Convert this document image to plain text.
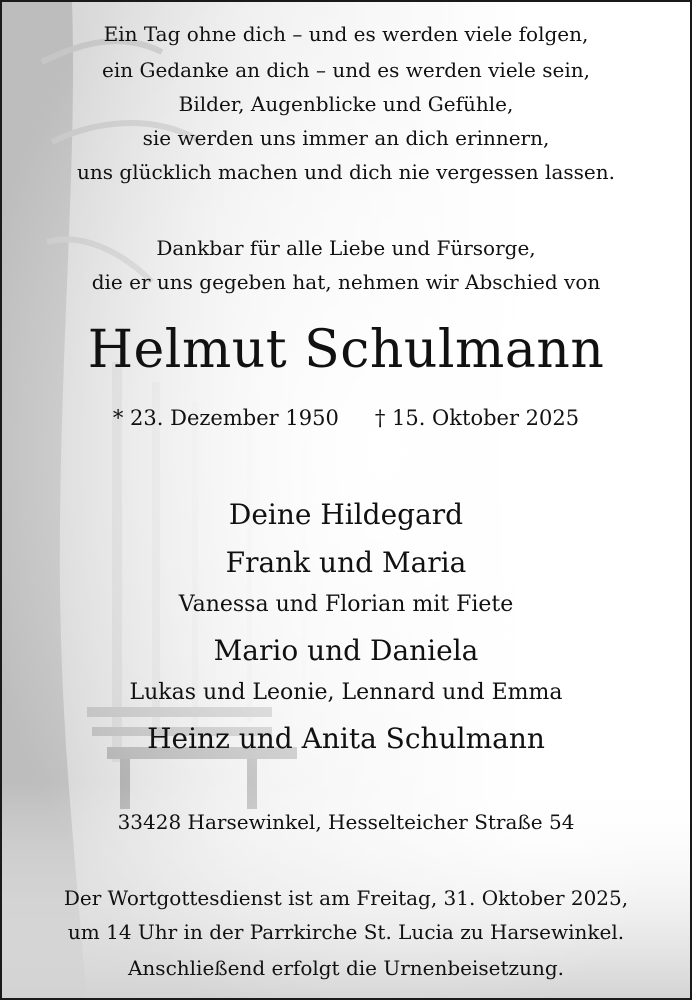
Ein Tag ohne dich – und es werden viele folgen,
ein Gedanke an dich – und es werden viele sein,
Bilder, Augenblicke und Gefühle,
sie werden uns immer an dich erinnern,
uns glücklich machen und dich nie vergessen lassen.
Dankbar für alle Liebe und Fürsorge,
die er uns gegeben hat, nehmen wir Abschied von
Helmut Schulmann
* 23. Dezember 1950 † 15. Oktober 2025
Deine Hildegard
Frank und Maria
Vanessa und Florian mit Fiete
Mario und Daniela
Lukas und Leonie, Lennard und Emma
Heinz und Anita Schulmann
33428 Harsewinkel, Hesselteicher Straße 54
Der Wortgottesdienst ist am Freitag, 31. Oktober 2025,
um 14 Uhr in der Parrkirche St. Lucia zu Harsewinkel.
Anschließend erfolgt die Urnenbeisetzung.
